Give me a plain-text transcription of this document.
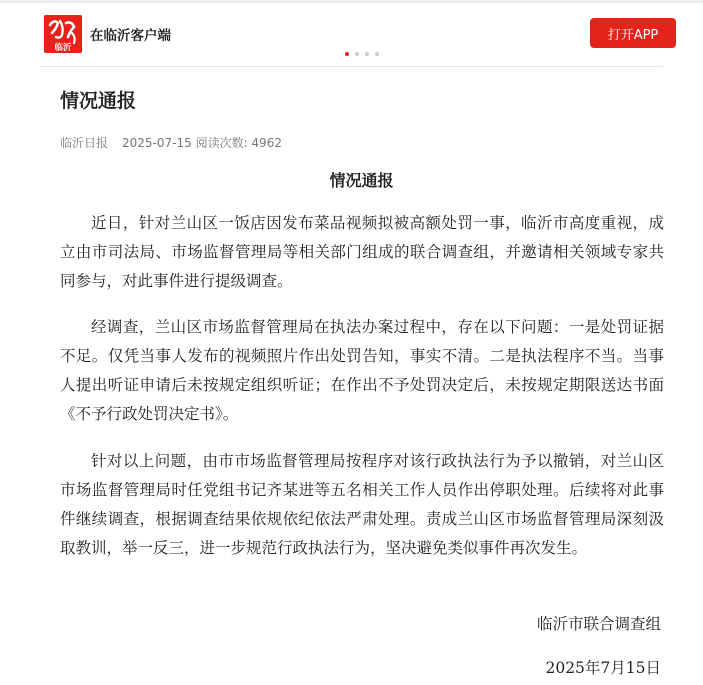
临沂
在临沂客户端	打开APP
情况通报
临沂日报 2025-07-15 阅读次数: 4962
情况通报

近日，针对兰山区一饭店因发布菜品视频拟被高额处罚一事，临沂市高度重视，成立由市司法局、市场监督管理局等相关部门组成的联合调查组，并邀请相关领域专家共同参与，对此事件进行提级调查。

经调查，兰山区市场监督管理局在执法办案过程中，存在以下问题：一是处罚证据不足。仅凭当事人发布的视频照片作出处罚告知，事实不清。二是执法程序不当。当事人提出听证申请后未按规定组织听证；在作出不予处罚决定后，未按规定期限送达书面《不予行政处罚决定书》。

针对以上问题，由市市场监督管理局按程序对该行政执法行为予以撤销，对兰山区市场监督管理局时任党组书记齐某进等五名相关工作人员作出停职处理。后续将对此事件继续调查，根据调查结果依规依纪依法严肃处理。责成兰山区市场监督管理局深刻汲取教训，举一反三，进一步规范行政执法行为，坚决避免类似事件再次发生。

临沂市联合调查组
2025年7月15日
